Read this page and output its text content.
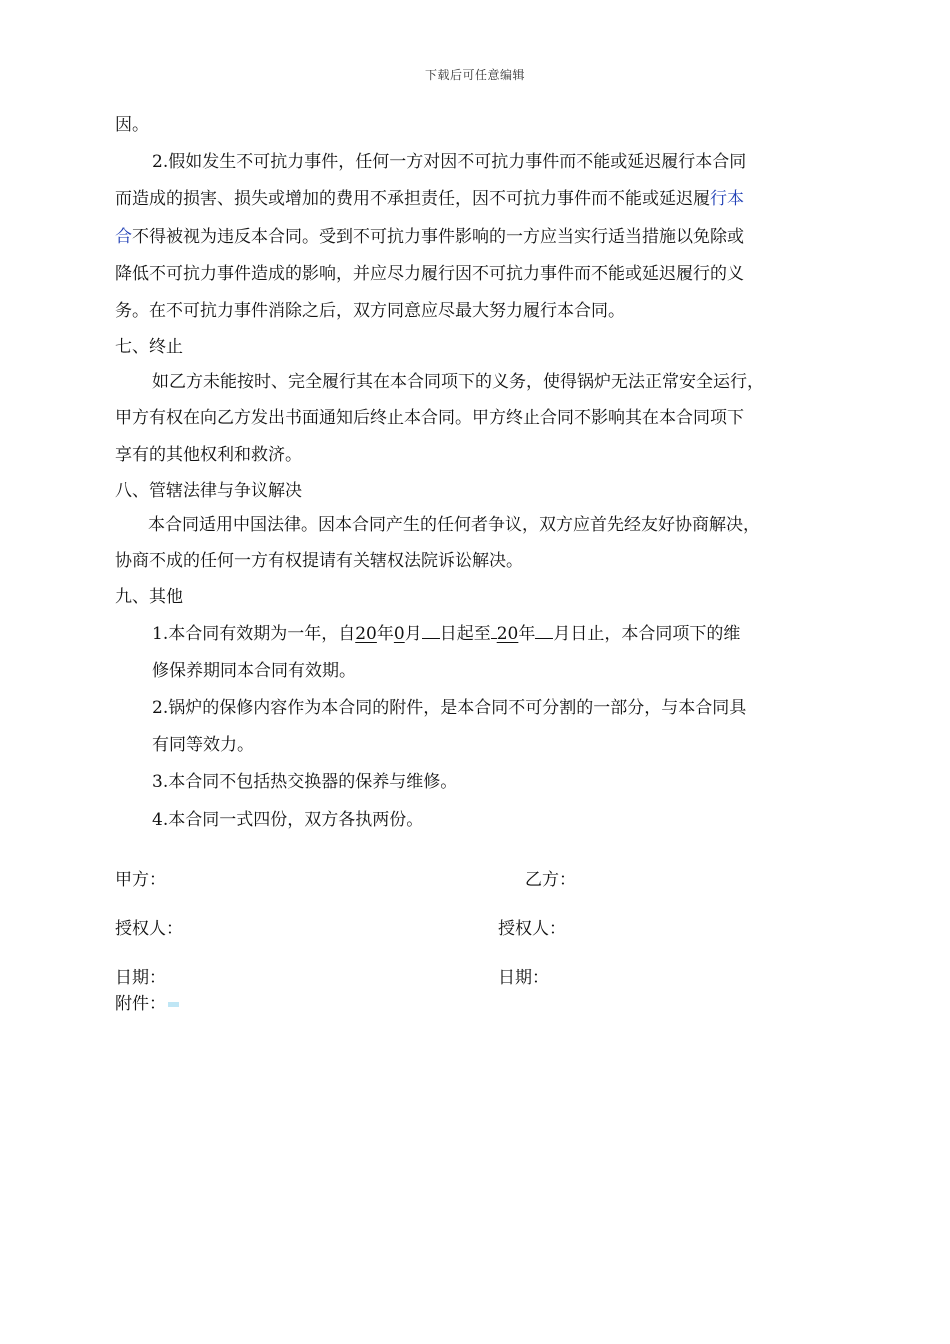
下载后可任意编辑
因。
2.假如发生不可抗力事件，任何一方对因不可抗力事件而不能或延迟履行本合同
而造成的损害、损失或增加的费用不承担责任，因不可抗力事件而不能或延迟履行本
合不得被视为违反本合同。受到不可抗力事件影响的一方应当实行适当措施以免除或
降低不可抗力事件造成的影响，并应尽力履行因不可抗力事件而不能或延迟履行的义
务。在不可抗力事件消除之后，双方同意应尽最大努力履行本合同。
七、终止
如乙方未能按时、完全履行其在本合同项下的义务，使得锅炉无法正常安全运行，
甲方有权在向乙方发出书面通知后终止本合同。甲方终止合同不影响其在本合同项下
享有的其他权利和救济。
八、管辖法律与争议解决
本合同适用中国法律。因本合同产生的任何者争议，双方应首先经友好协商解决，
协商不成的任何一方有权提请有关辖权法院诉讼解决。
九、其他
1.本合同有效期为一年，自20年0月 日起至 20年 月日止，本合同项下的维
修保养期同本合同有效期。
2.锅炉的保修内容作为本合同的附件，是本合同不可分割的一部分，与本合同具
有同等效力。
3.本合同不包括热交换器的保养与维修。
4.本合同一式四份，双方各执两份。
甲方：	乙方：
授权人：	授权人：
日期：	日期：
附件：
